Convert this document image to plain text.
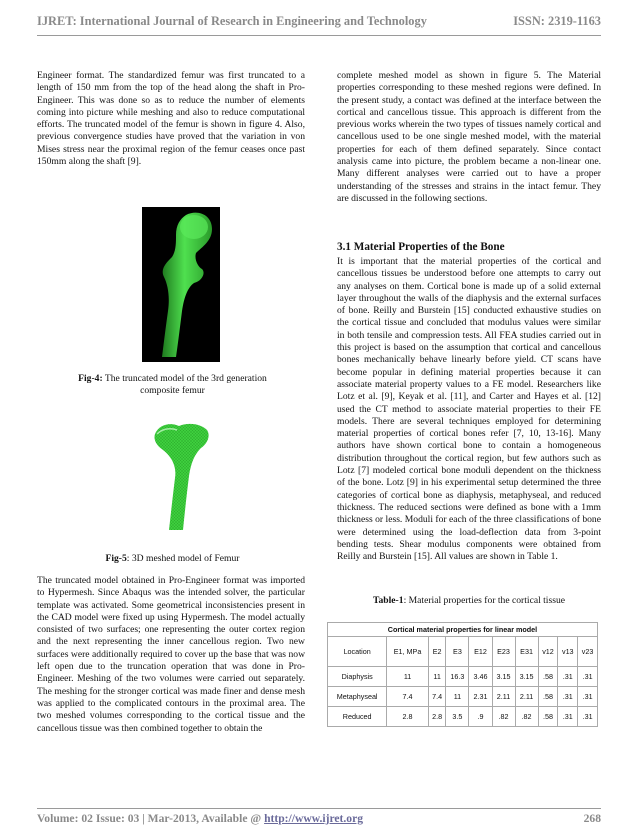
IJRET: International Journal of Research in Engineering and Technology	ISSN: 2319-1163

Engineer format. The standardized femur was first truncated to a length of 150 mm from the top of the head along the shaft in Pro-Engineer. This was done so as to reduce the number of elements coming into picture while meshing and also to reduce computational efforts. The truncated model of the femur is shown in figure 4. Also, previous convergence studies have proved that the variation in von Mises stress near the proximal region of the femur ceases once past 150mm along the shaft [9].

Fig-4: The truncated model of the 3rd generation composite femur
Fig-5: 3D meshed model of Femur

The truncated model obtained in Pro-Engineer format was imported to Hypermesh. Since Abaqus was the intended solver, the particular template was activated. Some geometrical inconsistencies present in the CAD model were fixed up using Hypermesh. The model actually consisted of two surfaces; one representing the outer cortex region and the next representing the inner cancellous region. Two new surfaces were additionally required to cover up the base that was now left open due to the truncation operation that was done in Pro-Engineer. Meshing of the two volumes were carried out separately. The meshing for the stronger cortical was made finer and dense mesh was applied to the complicated contours in the proximal area. The two meshed volumes corresponding to the cortical tissue and the cancellous tissue was then combined together to obtain the

complete meshed model as shown in figure 5. The Material properties corresponding to these meshed regions were defined. In the present study, a contact was defined at the interface between the cortical and cancellous tissue. This approach is different from the previous works wherein the two types of tissues namely cortical and cancellous used to be one single meshed model, with the material properties for each of them defined separately. Since contact analysis came into picture, the problem became a non-linear one. Many different analyses were carried out to have a proper understanding of the stresses and strains in the intact femur. They are discussed in the following sections.

3.1 Material Properties of the Bone

It is important that the material properties of the cortical and cancellous tissues be understood before one attempts to carry out any analyses on them. Cortical bone is made up of a solid external layer throughout the walls of the diaphysis and the external surfaces of bone. Reilly and Burstein [15] conducted exhaustive studies on the cortical tissue and concluded that modulus values were similar in both tensile and compression tests. All FEA studies carried out in this project is based on the assumption that cortical and cancellous bones mechanically behave linearly before yield. CT scans have become popular in defining material properties because it can associate material property values to a FE model. Researchers like Lotz et al. [9], Keyak et al. [11], and Carter and Hayes et al. [12] used the CT method to associate material properties to their FE models. There are several techniques employed for determining material properties of cortical bones refer [7, 10, 13-16]. Many authors have shown cortical bone to contain a homogeneous distribution throughout the cortical region, but few authors such as Lotz [7] modeled cortical bone moduli dependent on the thickness of the bone. Lotz [9] in his experimental setup determined the three categories of cortical bone as diaphysis, metaphyseal, and reduced thickness. The reduced sections were defined as bone with a 1mm thickness or less. Moduli for each of the three classifications of bone were determined using the load-deflection data from 3-point bending tests. Shear modulus components were obtained from Reilly and Burstein [15]. All values are shown in Table 1.

Table-1: Material properties for the cortical tissue
Cortical material properties for linear model									
Location	E1, MPa	E2	E3	E12	E23	E31	v12	v13	v23
Diaphysis	11	11	16.3	3.46	3.15	3.15	.58	.31	.31
Metaphyseal	7.4	7.4	11	2.31	2.11	2.11	.58	.31	.31
Reduced	2.8	2.8	3.5	.9	.82	.82	.58	.31	.31
Volume: 02 Issue: 03 | Mar-2013, Available @ http://www.ijret.org	268
